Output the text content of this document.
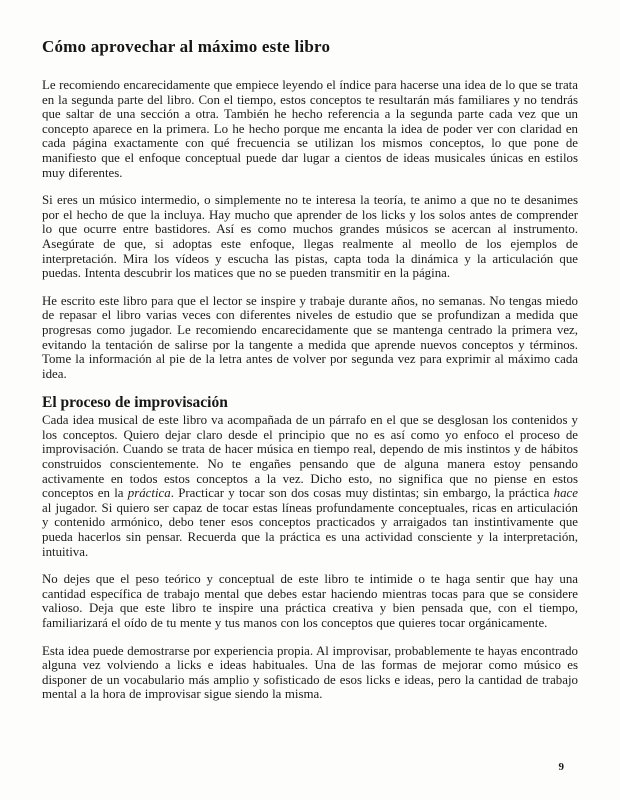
Cómo aprovechar al máximo este libro

Le recomiendo encarecidamente que empiece leyendo el índice para hacerse una idea de lo que se trata en la segunda parte del libro. Con el tiempo, estos conceptos te resultarán más familiares y no tendrás que saltar de una sección a otra. También he hecho referencia a la segunda parte cada vez que un concepto aparece en la primera. Lo he hecho porque me encanta la idea de poder ver con claridad en cada página exactamente con qué frecuencia se utilizan los mismos conceptos, lo que pone de manifiesto que el enfoque conceptual puede dar lugar a cientos de ideas musicales únicas en estilos muy diferentes.

Si eres un músico intermedio, o simplemente no te interesa la teoría, te animo a que no te desanimes por el hecho de que la incluya. Hay mucho que aprender de los licks y los solos antes de comprender lo que ocurre entre bastidores. Así es como muchos grandes músicos se acercan al instrumento. Asegúrate de que, si adoptas este enfoque, llegas realmente al meollo de los ejemplos de interpretación. Mira los vídeos y escucha las pistas, capta toda la dinámica y la articulación que puedas. Intenta descubrir los matices que no se pueden transmitir en la página.

He escrito este libro para que el lector se inspire y trabaje durante años, no semanas. No tengas miedo de repasar el libro varias veces con diferentes niveles de estudio que se profundizan a medida que progresas como jugador. Le recomiendo encarecidamente que se mantenga centrado la primera vez, evitando la tentación de salirse por la tangente a medida que aprende nuevos conceptos y términos. Tome la información al pie de la letra antes de volver por segunda vez para exprimir al máximo cada idea.

El proceso de improvisación

Cada idea musical de este libro va acompañada de un párrafo en el que se desglosan los contenidos y los conceptos. Quiero dejar claro desde el principio que no es así como yo enfoco el proceso de improvisación. Cuando se trata de hacer música en tiempo real, dependo de mis instintos y de hábitos construidos conscientemente. No te engañes pensando que de alguna manera estoy pensando activamente en todos estos conceptos a la vez. Dicho esto, no significa que no piense en estos conceptos en la práctica. Practicar y tocar son dos cosas muy distintas; sin embargo, la práctica hace al jugador. Si quiero ser capaz de tocar estas líneas profundamente conceptuales, ricas en articulación y contenido armónico, debo tener esos conceptos practicados y arraigados tan instintivamente que pueda hacerlos sin pensar. Recuerda que la práctica es una actividad consciente y la interpretación, intuitiva.

No dejes que el peso teórico y conceptual de este libro te intimide o te haga sentir que hay una cantidad específica de trabajo mental que debes estar haciendo mientras tocas para que se considere valioso. Deja que este libro te inspire una práctica creativa y bien pensada que, con el tiempo, familiarizará el oído de tu mente y tus manos con los conceptos que quieres tocar orgánicamente.

Esta idea puede demostrarse por experiencia propia. Al improvisar, probablemente te hayas encontrado alguna vez volviendo a licks e ideas habituales. Una de las formas de mejorar como músico es disponer de un vocabulario más amplio y sofisticado de esos licks e ideas, pero la cantidad de trabajo mental a la hora de improvisar sigue siendo la misma.

9
